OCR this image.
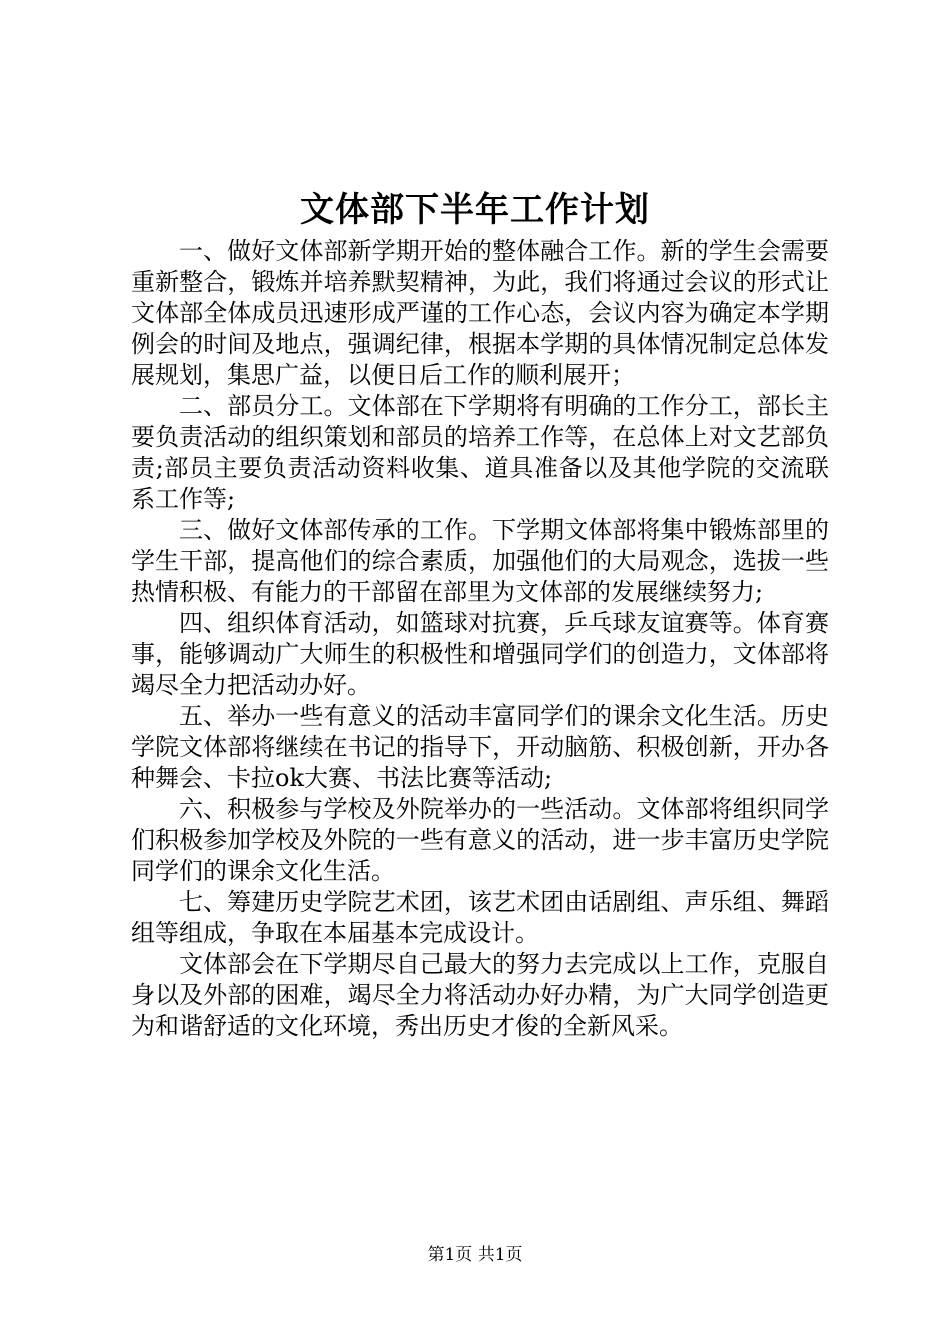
文体部下半年工作计划

一、做好文体部新学期开始的整体融合工作。新的学生会需要重新整合，锻炼并培养默契精神，为此，我们将通过会议的形式让文体部全体成员迅速形成严谨的工作心态，会议内容为确定本学期例会的时间及地点，强调纪律，根据本学期的具体情况制定总体发展规划，集思广益，以便日后工作的顺利展开；

二、部员分工。文体部在下学期将有明确的工作分工，部长主要负责活动的组织策划和部员的培养工作等，在总体上对文艺部负责;部员主要负责活动资料收集、道具准备以及其他学院的交流联系工作等;

三、做好文体部传承的工作。下学期文体部将集中锻炼部里的学生干部，提高他们的综合素质，加强他们的大局观念，选拔一些热情积极、有能力的干部留在部里为文体部的发展继续努力;

四、组织体育活动，如篮球对抗赛，乒乓球友谊赛等。体育赛事，能够调动广大师生的积极性和增强同学们的创造力，文体部将竭尽全力把活动办好。

五、举办一些有意义的活动丰富同学们的课余文化生活。历史学院文体部将继续在书记的指导下，开动脑筋、积极创新，开办各种舞会、卡拉ok大赛、书法比赛等活动;

六、积极参与学校及外院举办的一些活动。文体部将组织同学们积极参加学校及外院的一些有意义的活动，进一步丰富历史学院同学们的课余文化生活。

七、筹建历史学院艺术团，该艺术团由话剧组、声乐组、舞蹈组等组成，争取在本届基本完成设计。

文体部会在下学期尽自己最大的努力去完成以上工作，克服自身以及外部的困难，竭尽全力将活动办好办精，为广大同学创造更为和谐舒适的文化环境，秀出历史才俊的全新风采。

第1页 共1页
